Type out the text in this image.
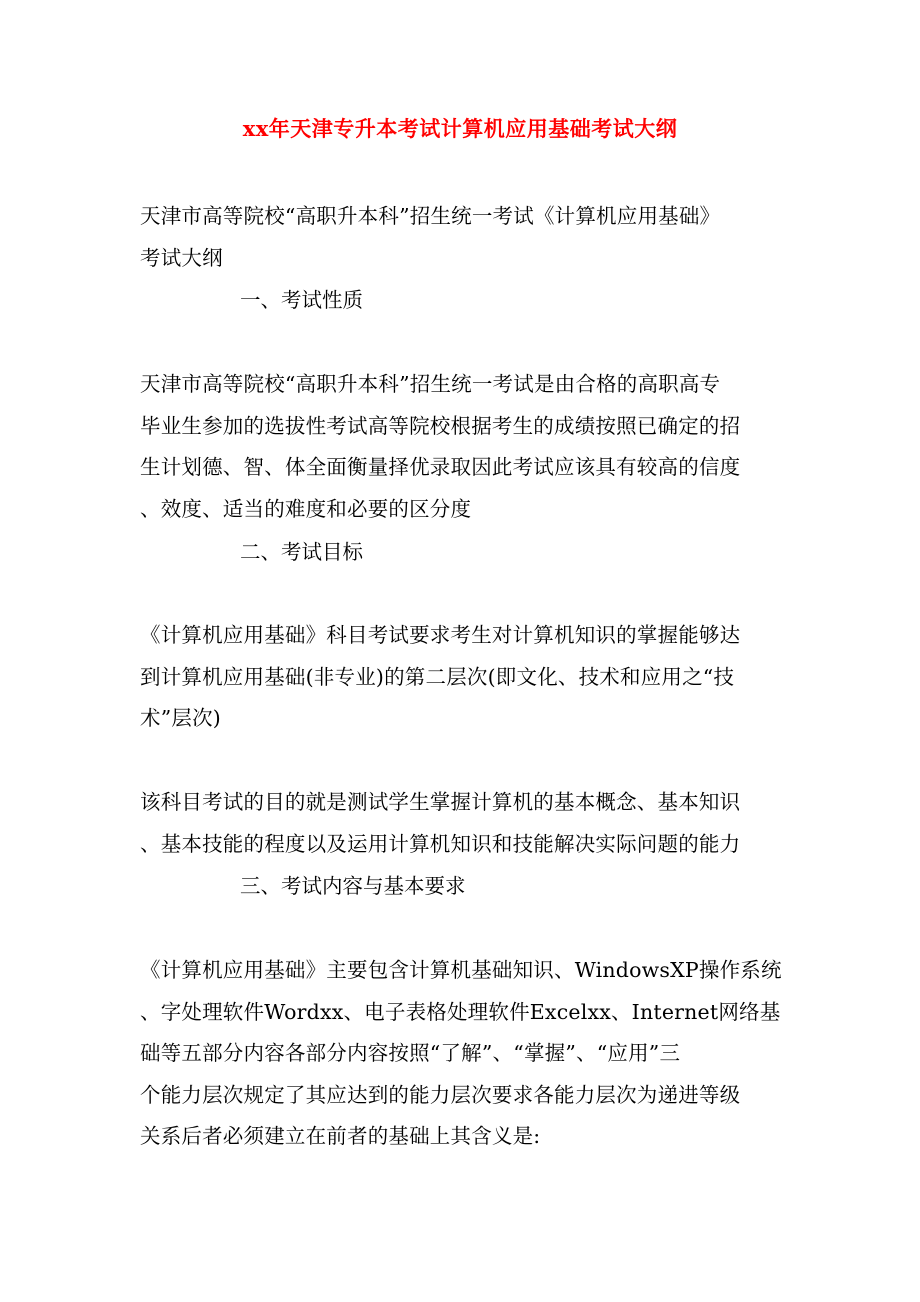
xx年天津专升本考试计算机应用基础考试大纲
天津市高等院校“高职升本科”招生统一考试《计算机应用基础》
考试大纲
一、考试性质
天津市高等院校“高职升本科”招生统一考试是由合格的高职高专
毕业生参加的选拔性考试高等院校根据考生的成绩按照已确定的招
生计划德、智、体全面衡量择优录取因此考试应该具有较高的信度
、效度、适当的难度和必要的区分度
二、考试目标
《计算机应用基础》科目考试要求考生对计算机知识的掌握能够达
到计算机应用基础(非专业)的第二层次(即文化、技术和应用之“技
术”层次)
该科目考试的目的就是测试学生掌握计算机的基本概念、基本知识
、基本技能的程度以及运用计算机知识和技能解决实际问题的能力
三、考试内容与基本要求
《计算机应用基础》主要包含计算机基础知识、WindowsXP操作系统
、字处理软件Wordxx、电子表格处理软件Excelxx、Internet网络基
础等五部分内容各部分内容按照“了解”、“掌握”、“应用”三
个能力层次规定了其应达到的能力层次要求各能力层次为递进等级
关系后者必须建立在前者的基础上其含义是:
